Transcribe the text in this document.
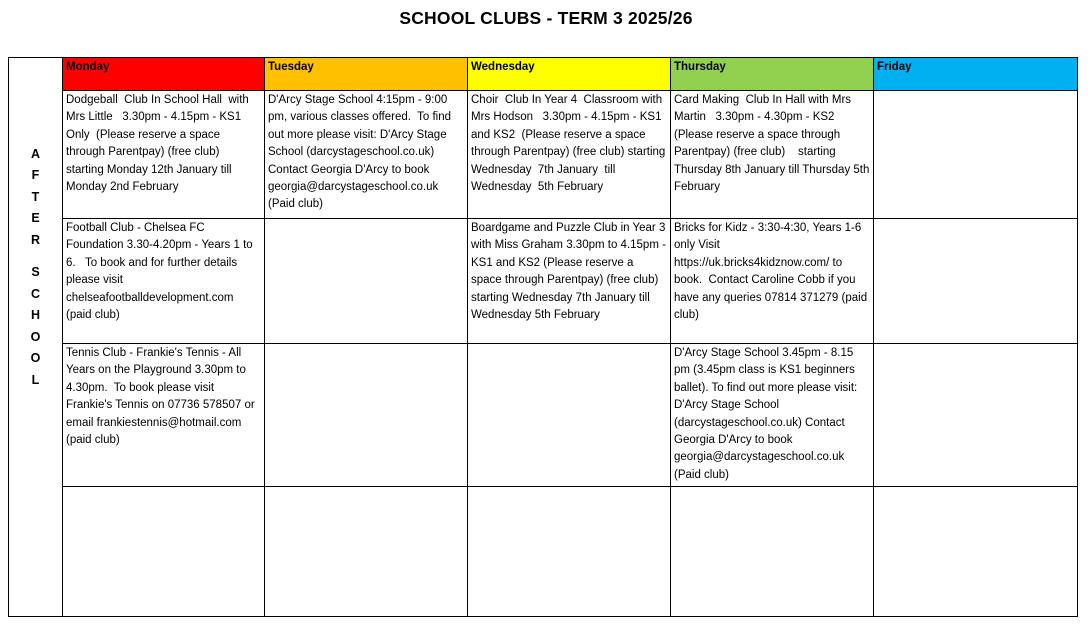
SCHOOL CLUBS - TERM 3 2025/26

AFTER
SCHOOL	Monday	Tuesday	Wednesday	Thursday	Friday
	Dodgeball  Club In School Hall  with Mrs Little   3.30pm - 4.15pm - KS1 Only  (Please reserve a space through Parentpay) (free club)    starting Monday 12th January till Monday 2nd February	D'Arcy Stage School 4:15pm - 9:00 pm, various classes offered.  To find out more please visit: D'Arcy Stage School (darcystageschool.co.uk)  Contact Georgia D'Arcy to book georgia@darcystageschool.co.uk (Paid club)	Choir  Club In Year 4  Classroom with Mrs Hodson   3.30pm - 4.15pm - KS1 and KS2  (Please reserve a space through Parentpay) (free club) starting Wednesday  7th January  till Wednesday  5th February	Card Making  Club In Hall with Mrs Martin   3.30pm - 4.30pm - KS2 (Please reserve a space through Parentpay) (free club)    starting Thursday 8th January till Thursday 5th February	
	Football Club - Chelsea FC Foundation 3.30-4.20pm - Years 1 to 6.   To book and for further details please visit chelseafootballdevelopment.com (paid club)		Boardgame and Puzzle Club in Year 3 with Miss Graham 3.30pm to 4.15pm - KS1 and KS2 (Please reserve a space through Parentpay) (free club) starting Wednesday 7th January till Wednesday 5th February	Bricks for Kidz - 3:30-4:30, Years 1-6 only Visit https://uk.bricks4kidznow.com/ to book.  Contact Caroline Cobb if you have any queries 07814 371279 (paid club)	
	Tennis Club - Frankie's Tennis - All Years on the Playground 3.30pm to 4.30pm.  To book please visit Frankie's Tennis on 07736 578507 or email frankiestennis@hotmail.com (paid club)			D'Arcy Stage School 3.45pm - 8.15 pm (3.45pm class is KS1 beginners ballet). To find out more please visit: D'Arcy Stage School (darcystageschool.co.uk) Contact Georgia D'Arcy to book georgia@darcystageschool.co.uk (Paid club)	
